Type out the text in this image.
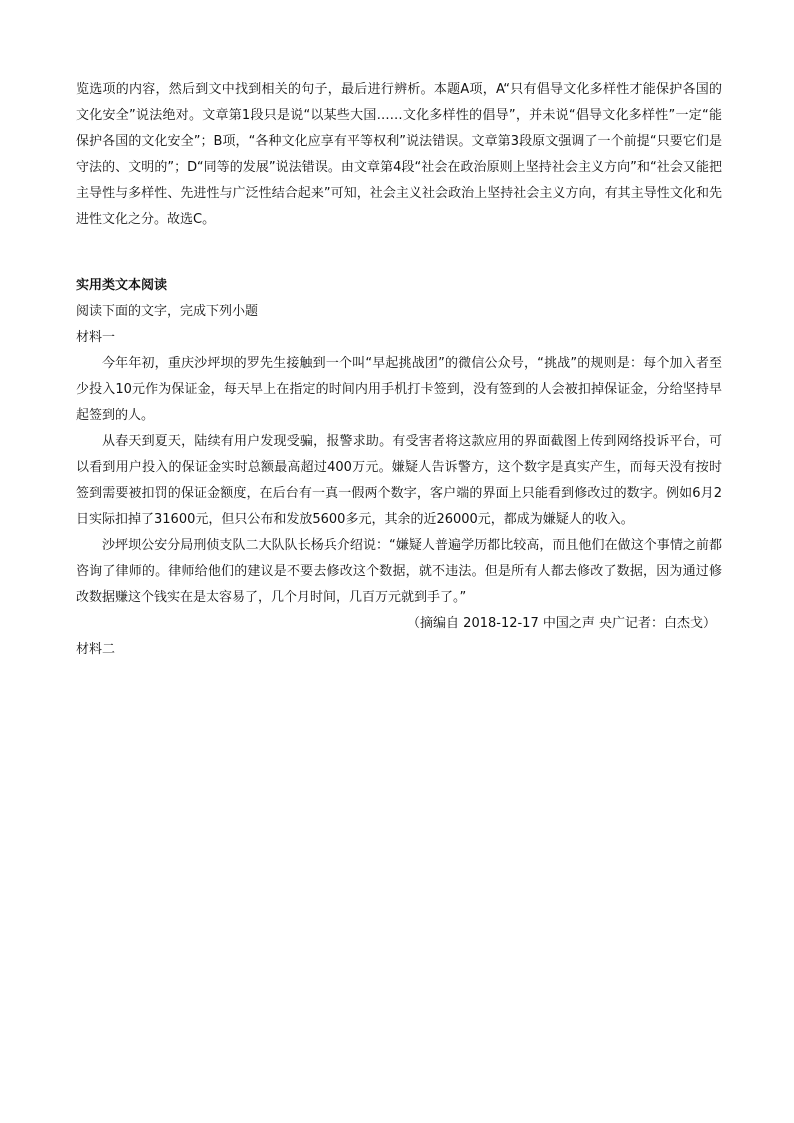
览选项的内容，然后到文中找到相关的句子，最后进行辨析。本题A项，A“只有倡导文化多样性才能保护各国的文化安全”说法绝对。文章第1段只是说“以某些大国……文化多样性的倡导”，并未说“倡导文化多样性”一定“能保护各国的文化安全”；B项，“各种文化应享有平等权利”说法错误。文章第3段原文强调了一个前提“只要它们是守法的、文明的”；D“同等的发展”说法错误。由文章第4段“社会在政治原则上坚持社会主义方向”和“社会又能把主导性与多样性、先进性与广泛性结合起来”可知，社会主义社会政治上坚持社会主义方向，有其主导性文化和先进性文化之分。故选C。

实用类文本阅读

阅读下面的文字，完成下列小题

材料一

今年年初，重庆沙坪坝的罗先生接触到一个叫“早起挑战团”的微信公众号，“挑战”的规则是：每个加入者至少投入10元作为保证金，每天早上在指定的时间内用手机打卡签到，没有签到的人会被扣掉保证金，分给坚持早起签到的人。

从春天到夏天，陆续有用户发现受骗，报警求助。有受害者将这款应用的界面截图上传到网络投诉平台，可以看到用户投入的保证金实时总额最高超过400万元。嫌疑人告诉警方，这个数字是真实产生，而每天没有按时签到需要被扣罚的保证金额度，在后台有一真一假两个数字，客户端的界面上只能看到修改过的数字。例如6月2日实际扣掉了31600元，但只公布和发放5600多元，其余的近26000元，都成为嫌疑人的收入。

沙坪坝公安分局刑侦支队二大队队长杨兵介绍说：“嫌疑人普遍学历都比较高，而且他们在做这个事情之前都咨询了律师的。律师给他们的建议是不要去修改这个数据，就不违法。但是所有人都去修改了数据，因为通过修改数据赚这个钱实在是太容易了，几个月时间，几百万元就到手了。”

（摘编自 2018-12-17 中国之声 央广记者：白杰戈）

材料二
